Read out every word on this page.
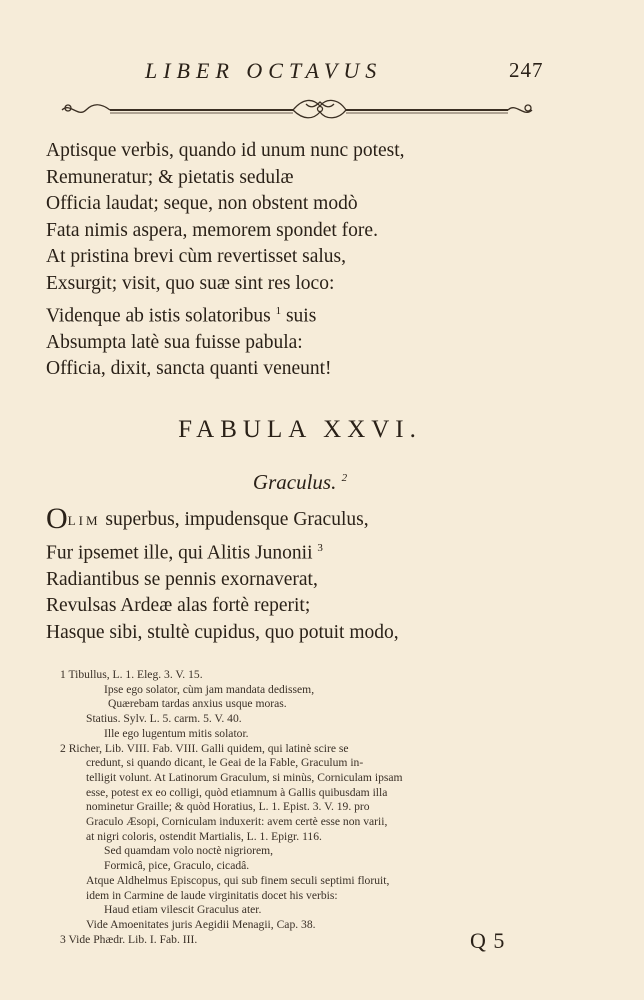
LIBER OCTAVUS	247
Aptisque verbis, quando id unum nunc potest,
Remuneratur; & pietatis sedulæ
Officia laudat; seque, non obstent modò
Fata nimis aspera, memorem spondet fore.
At pristina brevi cùm revertisset salus,
Exsurgit; visit, quo suæ sint res loco:
Videnque ab istis solatoribus $^1$ suis
Absumpta latè sua fuisse pabula:
Officia, dixit, sancta quanti veneunt!
FABULA XXVI.
Graculus. $^2$
OLIM superbus, impudensque Graculus,
Fur ipsemet ille, qui Alitis Junonii $^3$
Radiantibus se pennis exornaverat,
Revulsas Ardeæ alas fortè reperit;
Hasque sibi, stultè cupidus, quo potuit modo,
1 Tibullus, L. 1. Eleg. 3. V. 15.
Ipse ego solator, cùm jam mandata dedissem,
Quærebam tardas anxius usque moras.
Statius. Sylv. L. 5. carm. 5. V. 40.
Ille ego lugentum mitis solator.
2 Richer, Lib. VIII. Fab. VIII. Galli quidem, qui latinè scire se
credunt, si quando dicant, le Geai de la Fable, Graculum in-
telligit volunt. At Latinorum Graculum, si minùs, Corniculam ipsam
esse, potest ex eo colligi, quòd etiamnum à Gallis quibusdam illa
nominetur Graille; & quòd Horatius, L. 1. Epist. 3. V. 19. pro
Graculo Æsopi, Corniculam induxerit: avem certè esse non varii,
at nigri coloris, ostendit Martialis, L. 1. Epigr. 116.
Sed quamdam volo noctè nigriorem,
Formicâ, pice, Graculo, cicadâ.
Atque Aldhelmus Episcopus, qui sub finem seculi septimi floruit,
idem in Carmine de laude virginitatis docet his verbis:
Haud etiam vilescit Graculus ater.
Vide Amoenitates juris Aegidii Menagii, Cap. 38.
3 Vide Phædr. Lib. I. Fab. III.	Q 5
